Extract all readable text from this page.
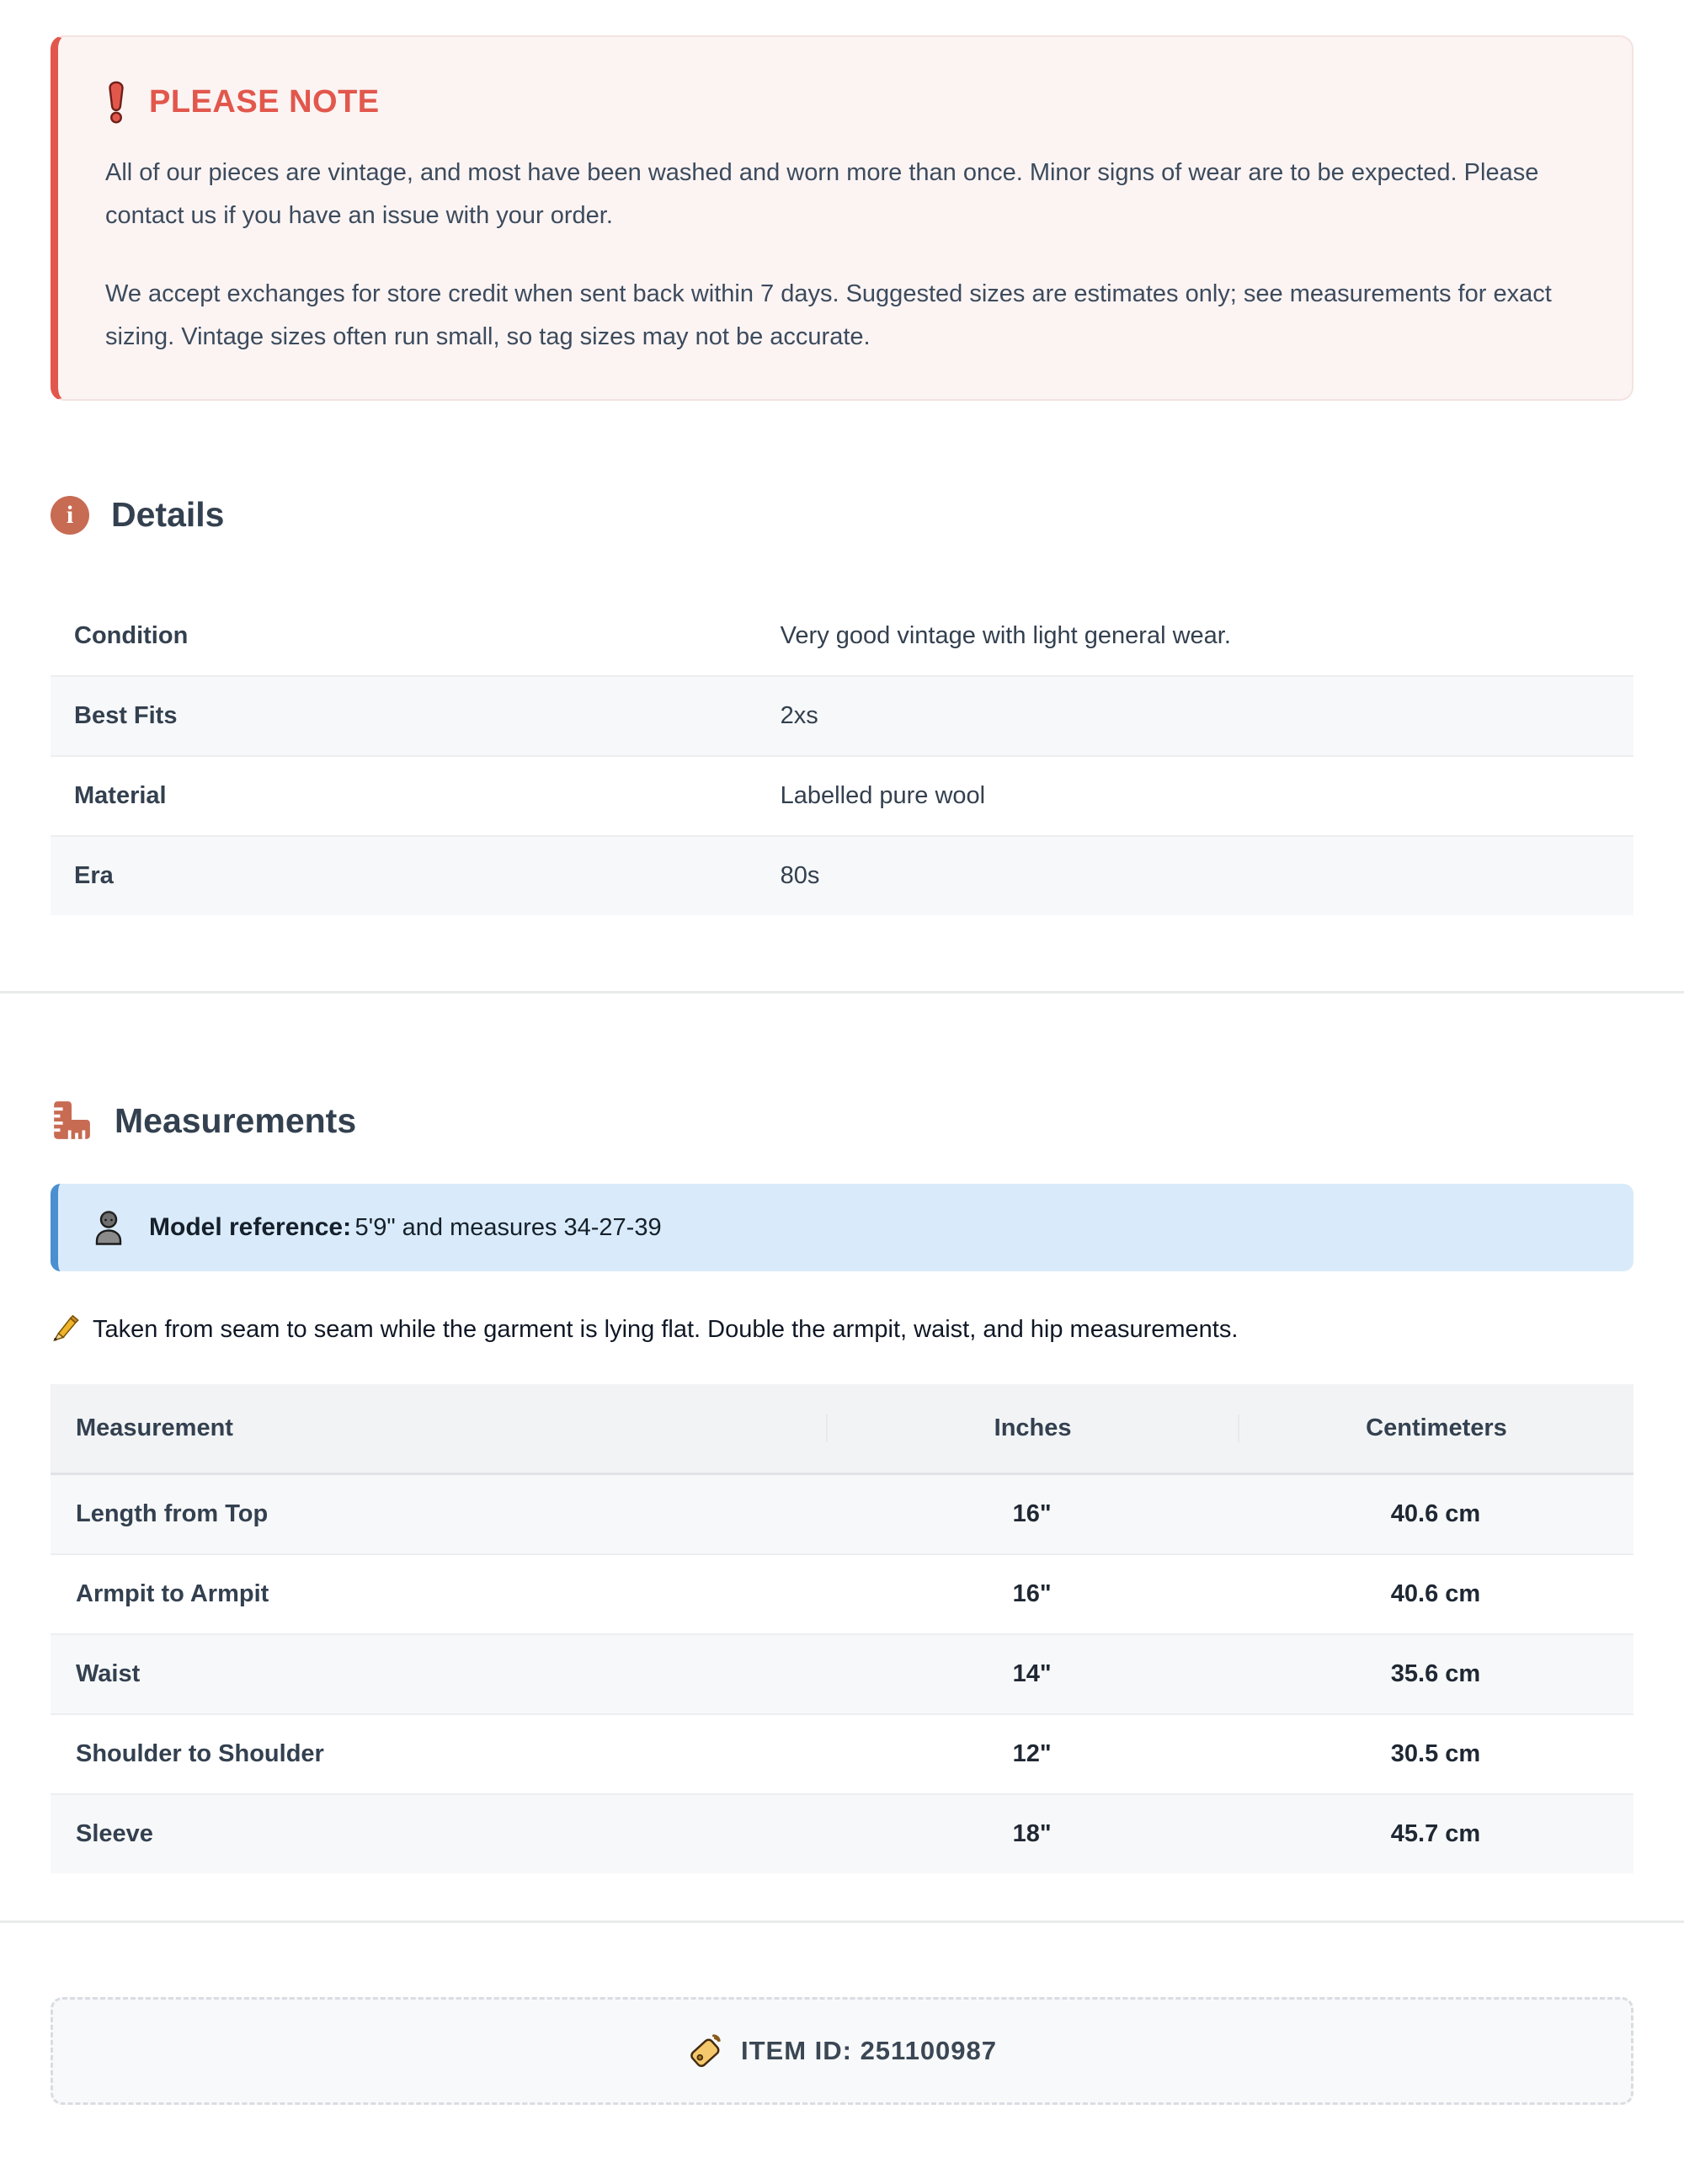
PLEASE NOTE

All of our pieces are vintage, and most have been washed and worn more than once. Minor signs of wear are to be expected. Please contact us if you have an issue with your order.

We accept exchanges for store credit when sent back within 7 days. Suggested sizes are estimates only; see measurements for exact sizing. Vintage sizes often run small, so tag sizes may not be accurate.

i	Details
Condition	Very good vintage with light general wear.
Best Fits	2xs
Material	Labelled pure wool
Era	80s
Measurements
Model reference: 5'9" and measures 34-27-39
Taken from seam to seam while the garment is lying flat. Double the armpit, waist, and hip measurements.
Measurement	Inches	Centimeters
Length from Top	16"	40.6 cm
Armpit to Armpit	16"	40.6 cm
Waist	14"	35.6 cm
Shoulder to Shoulder	12"	30.5 cm
Sleeve	18"	45.7 cm
ITEM ID: 251100987
